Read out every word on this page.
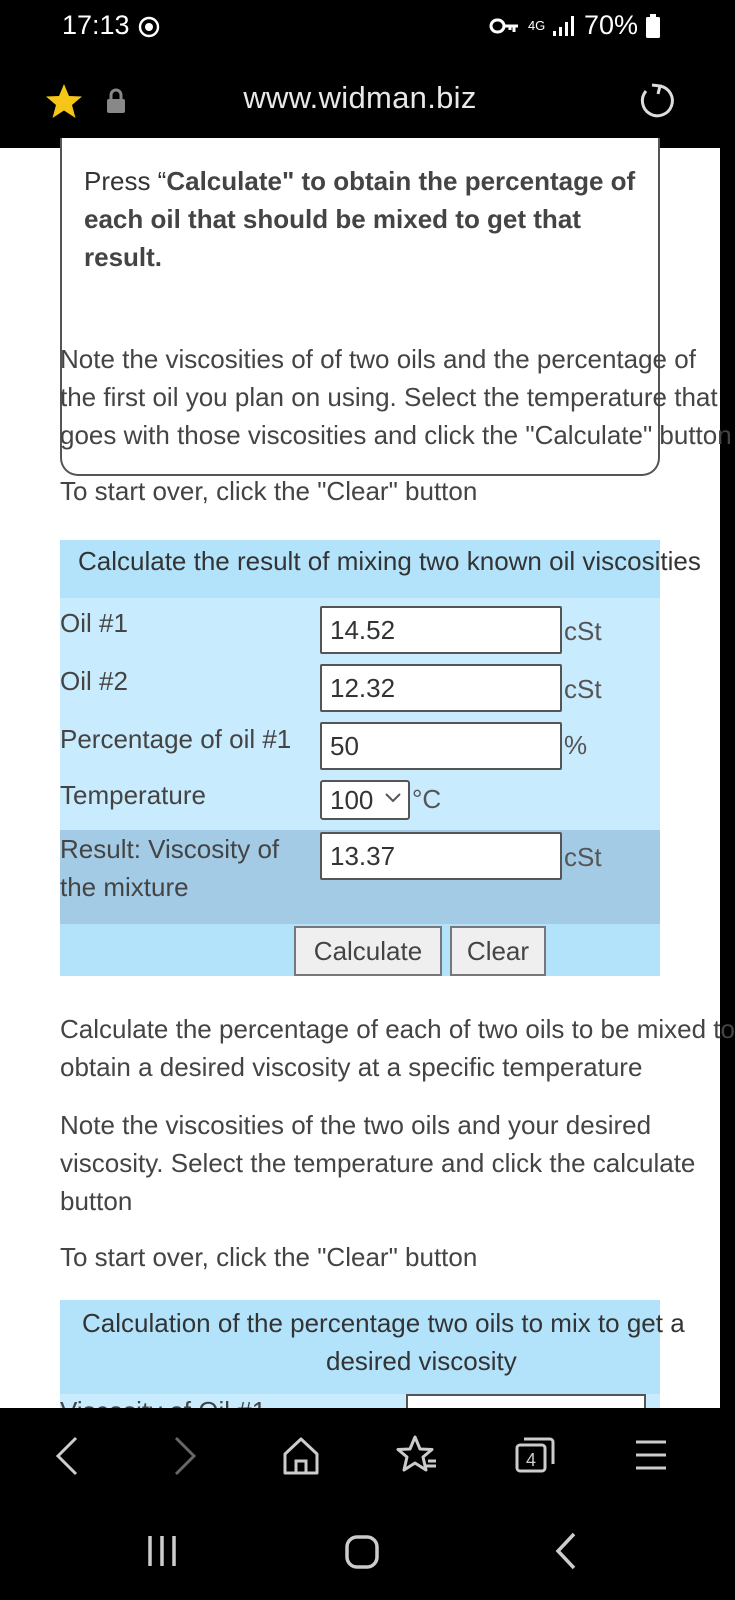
17:13	4G 70%
www.widman.biz
Press “Calculate" to obtain the percentage of each oil that should be mixed to get that result.
Note the viscosities of of two oils and the percentage of
the first oil you plan on using. Select the temperature that
goes with those viscosities and click the "Calculate" button
To start over, click the "Clear" button
Calculate the result of mixing two known oil viscosities
Oil #1	14.52	cSt
Oil #2	12.32	cSt
Percentage of oil #1	50	%
Temperature	100	°C
Result: Viscosity of
the mixture
13.37	cSt
Calculate	Clear
Calculate the percentage of each of two oils to be mixed to
obtain a desired viscosity at a specific temperature
Note the viscosities of the two oils and your desired
viscosity. Select the temperature and click the calculate
button
To start over, click the "Clear" button
Calculation of the percentage two oils to mix to get a
desired viscosity
4
